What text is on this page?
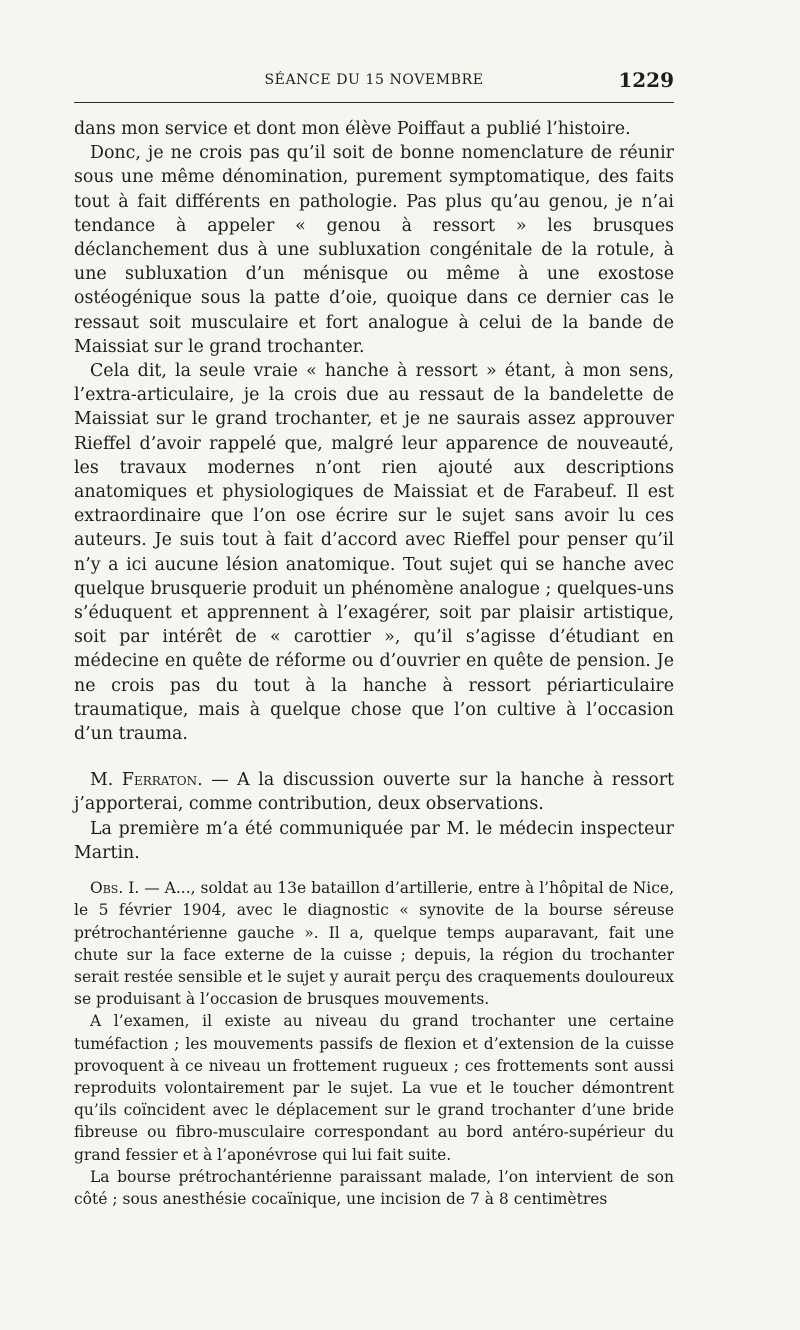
SÉANCE DU 15 NOVEMBRE	1229

dans mon service et dont mon élève Poiffaut a publié l’histoire.

Donc, je ne crois pas qu’il soit de bonne nomenclature de réunir sous une même dénomination, purement symptomatique, des faits tout à fait différents en pathologie. Pas plus qu’au genou, je n’ai tendance à appeler « genou à ressort » les brusques déclanchement dus à une subluxation congénitale de la rotule, à une subluxation d’un ménisque ou même à une exostose ostéogénique sous la patte d’oie, quoique dans ce dernier cas le ressaut soit musculaire et fort analogue à celui de la bande de Maissiat sur le grand trochanter.

Cela dit, la seule vraie « hanche à ressort » étant, à mon sens, l’extra-articulaire, je la crois due au ressaut de la bandelette de Maissiat sur le grand trochanter, et je ne saurais assez approuver Rieffel d’avoir rappelé que, malgré leur apparence de nouveauté, les travaux modernes n’ont rien ajouté aux descriptions anatomiques et physiologiques de Maissiat et de Farabeuf. Il est extraordinaire que l’on ose écrire sur le sujet sans avoir lu ces auteurs. Je suis tout à fait d’accord avec Rieffel pour penser qu’il n’y a ici aucune lésion anatomique. Tout sujet qui se hanche avec quelque brusquerie produit un phénomène analogue ; quelques-uns s’éduquent et apprennent à l’exagérer, soit par plaisir artistique, soit par intérêt de « carottier », qu’il s’agisse d’étudiant en médecine en quête de réforme ou d’ouvrier en quête de pension. Je ne crois pas du tout à la hanche à ressort périarticulaire traumatique, mais à quelque chose que l’on cultive à l’occasion d’un trauma.

M. Ferraton. — A la discussion ouverte sur la hanche à ressort j’apporterai, comme contribution, deux observations.

La première m’a été communiquée par M. le médecin inspecteur Martin.

Obs. I. — A..., soldat au 13e bataillon d’artillerie, entre à l’hôpital de Nice, le 5 février 1904, avec le diagnostic « synovite de la bourse séreuse prétrochantérienne gauche ». Il a, quelque temps auparavant, fait une chute sur la face externe de la cuisse ; depuis, la région du trochanter serait restée sensible et le sujet y aurait perçu des craquements douloureux se produisant à l’occasion de brusques mouvements.

A l’examen, il existe au niveau du grand trochanter une certaine tuméfaction ; les mouvements passifs de flexion et d’extension de la cuisse provoquent à ce niveau un frottement rugueux ; ces frottements sont aussi reproduits volontairement par le sujet. La vue et le toucher démontrent qu’ils coïncident avec le déplacement sur le grand trochanter d’une bride fibreuse ou fibro-musculaire correspondant au bord antéro-supérieur du grand fessier et à l’aponévrose qui lui fait suite.

La bourse prétrochantérienne paraissant malade, l’on intervient de son côté ; sous anesthésie cocaïnique, une incision de 7 à 8 centimètres
